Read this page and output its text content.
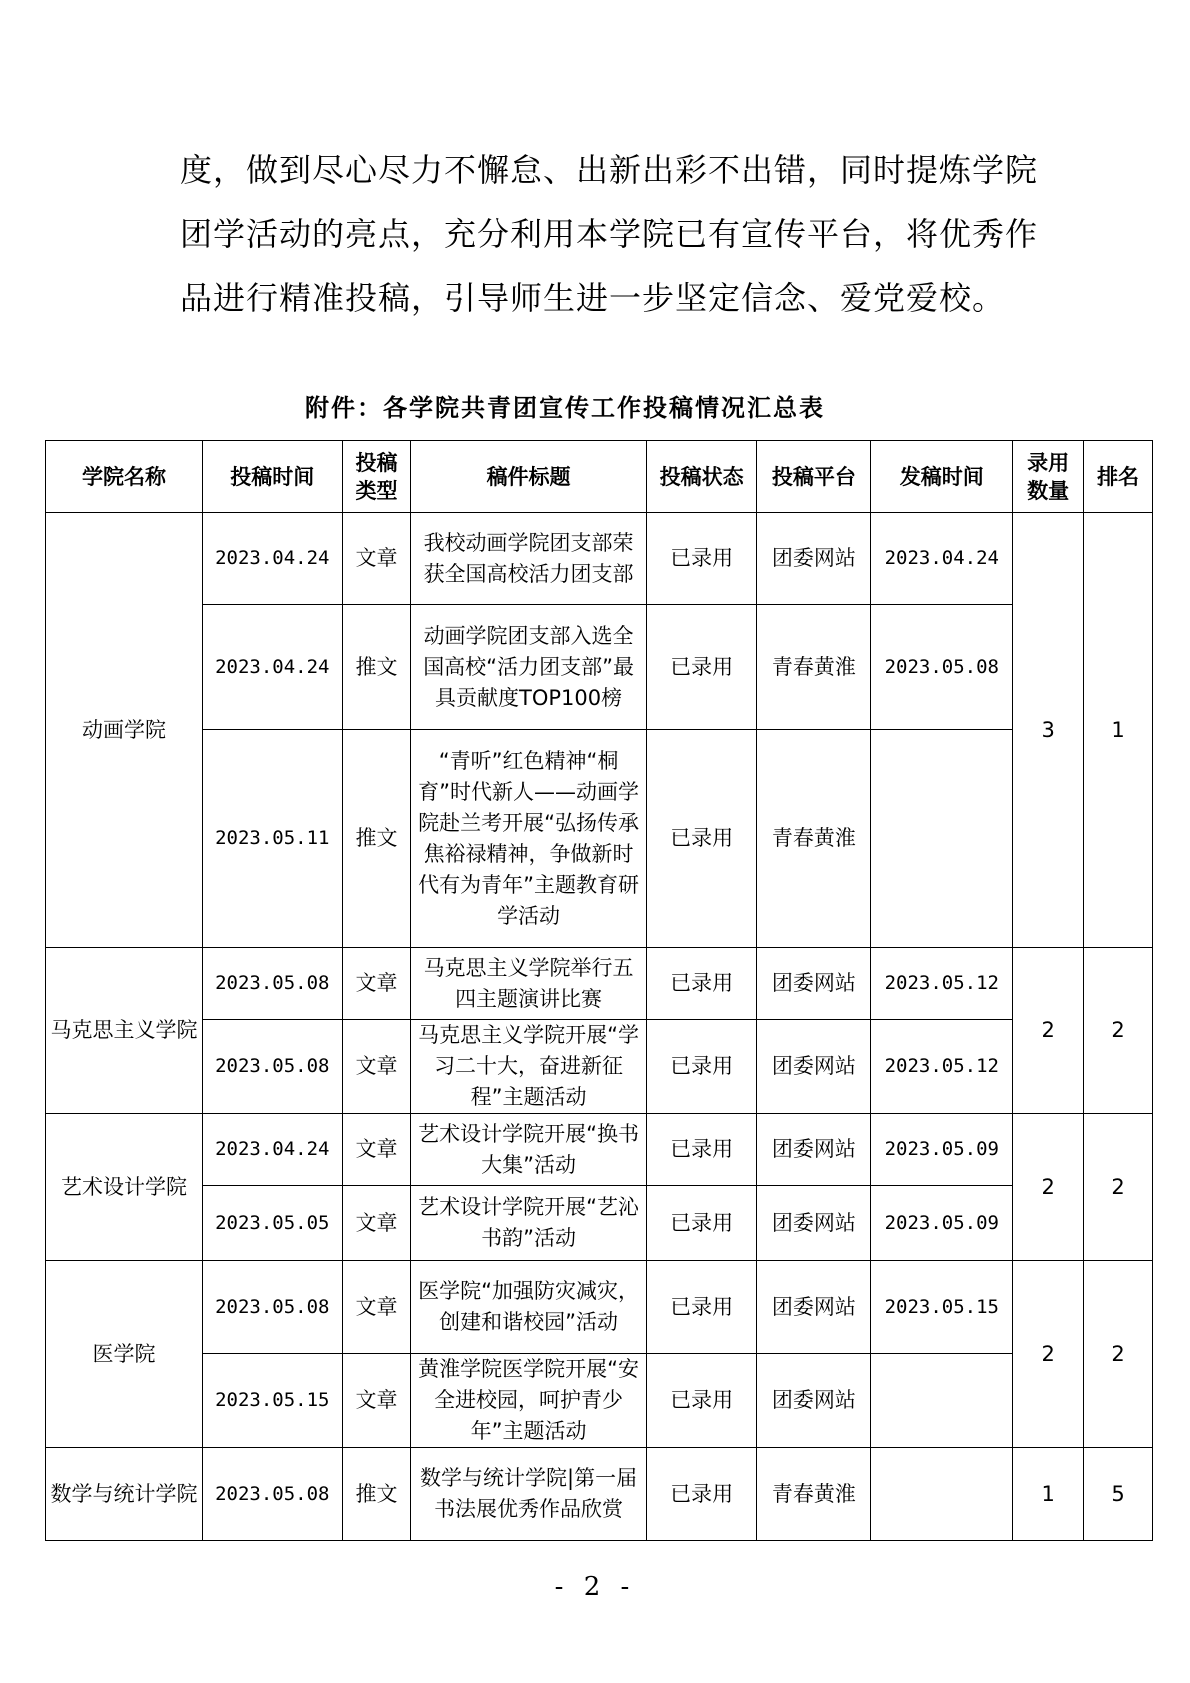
度，做到尽心尽力不懈怠、出新出彩不出错，同时提炼学院
团学活动的亮点，充分利用本学院已有宣传平台，将优秀作
品进行精准投稿，引导师生进一步坚定信念、爱党爱校。
附件：各学院共青团宣传工作投稿情况汇总表
学院名称	投稿时间	投稿类型	稿件标题	投稿状态	投稿平台	发稿时间	录用数量	排名
动画学院	2023.04.24	文章	我校动画学院团支部荣获全国高校活力团支部	已录用	团委网站	2023.04.24	3	1
	2023.04.24	推文	动画学院团支部入选全国高校“活力团支部”最具贡献度TOP100榜	已录用	青春黄淮	2023.05.08		
	2023.05.11	推文	“青听”红色精神“桐育”时代新人——动画学院赴兰考开展“弘扬传承焦裕禄精神，争做新时代有为青年”主题教育研学活动	已录用	青春黄淮			
马克思主义学院	2023.05.08	文章	马克思主义学院举行五四主题演讲比赛	已录用	团委网站	2023.05.12	2	2
	2023.05.08	文章	马克思主义学院开展“学习二十大，奋进新征程”主题活动	已录用	团委网站	2023.05.12		
艺术设计学院	2023.04.24	文章	艺术设计学院开展“换书大集”活动	已录用	团委网站	2023.05.09	2	2
	2023.05.05	文章	艺术设计学院开展“艺沁书韵”活动	已录用	团委网站	2023.05.09		
医学院	2023.05.08	文章	医学院“加强防灾减灾，创建和谐校园”活动	已录用	团委网站	2023.05.15	2	2
	2023.05.15	文章	黄淮学院医学院开展“安全进校园，呵护青少年”主题活动	已录用	团委网站			
数学与统计学院	2023.05.08	推文	数学与统计学院|第一届书法展优秀作品欣赏	已录用	青春黄淮		1	5
- 2 -
